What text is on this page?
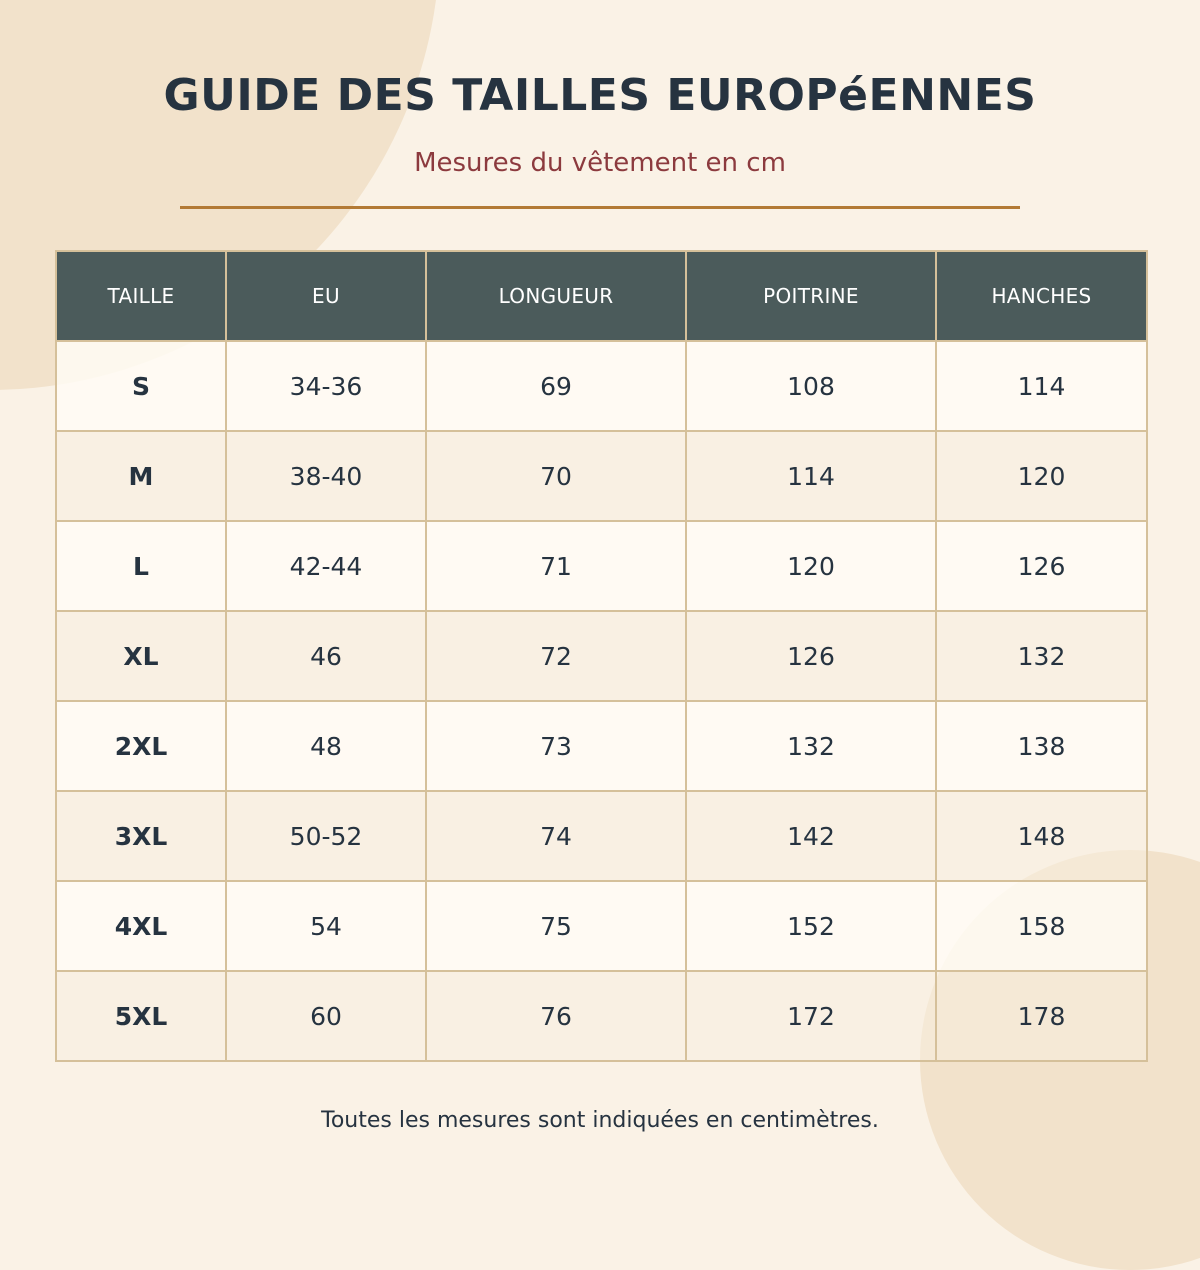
GUIDE DES TAILLES EUROPéENNES

Mesures du vêtement en cm

TAILLE	EU	LONGUEUR	POITRINE	HANCHES
S	34-36	69	108	114
M	38-40	70	114	120
L	42-44	71	120	126
XL	46	72	126	132
2XL	48	73	132	138
3XL	50-52	74	142	148
4XL	54	75	152	158
5XL	60	76	172	178

Toutes les mesures sont indiquées en centimètres.
